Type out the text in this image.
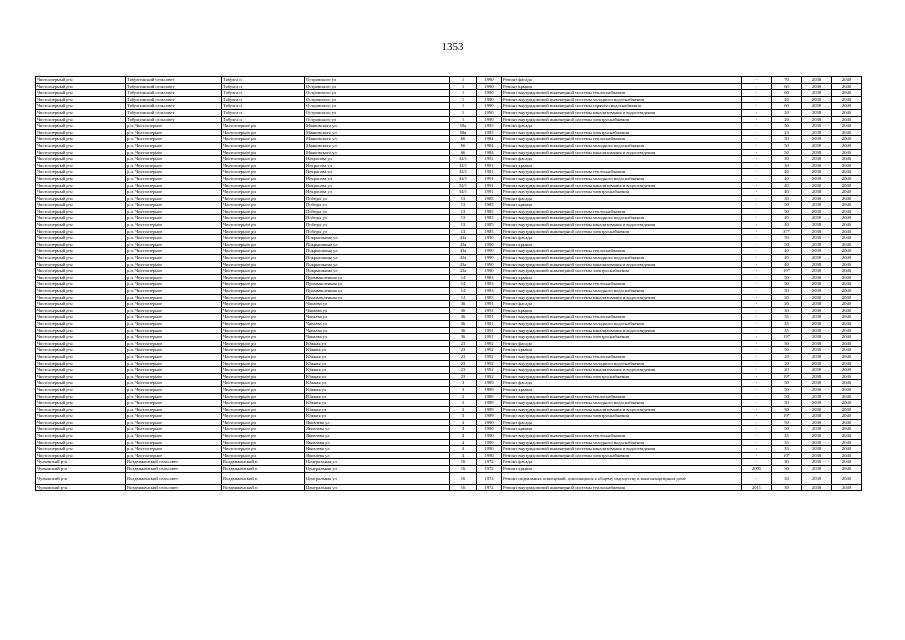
1353
Чистоозерный р-н	Табулгинский сельсовет	Табулга п	Островского ул	1	1990	Ремонт фасада	-	70	2038	2040
Чистоозерный р-н	Табулгинский сельсовет	Табулга п	Островского ул	1	1990	Ремонт крыши	-	60	2038	2040
Чистоозерный р-н	Табулгинский сельсовет	Табулга п	Островского ул	1	1990	Ремонт внутридомовой инженерной системы теплоснабжения	-	60	2038	2040
Чистоозерный р-н	Табулгинский сельсовет	Табулга п	Островского ул	1	1990	Ремонт внутридомовой инженерной системы холодного водоснабжения	-	40	2038	2040
Чистоозерный р-н	Табулгинский сельсовет	Табулга п	Островского ул	1	1990	Ремонт внутридомовой инженерной системы горячего водоснабжения	-	60	2038	2040
Чистоозерный р-н	Табулгинский сельсовет	Табулга п	Островского ул	1	1990	Ремонт внутридомовой инженерной системы канализования и водоотведения	-	20	2038	2040
Чистоозерный р-н	Табулгинский сельсовет	Табулга п	Островского ул	1	1990	Ремонт внутридомовой инженерной системы электроснабжения	-	20	2038	2040
Чистоозерный р-н	р.п. Чистоозерное	Чистоозерное рп	Маяковского ул	58а	1995	Ремонт фасада	-	50	2038	2040
Чистоозерный р-н	р.п. Чистоозерное	Чистоозерное рп	Маяковского ул	58а	1995	Ремонт внутридомовой инженерной системы электроснабжения	-	23	2038	2040
Чистоозерный р-н	р.п. Чистоозерное	Чистоозерное рп	Маяковского ул	66	1984	Ремонт внутридомовой инженерной системы теплоснабжения	-	50	2038	2040
Чистоозерный р-н	р.п. Чистоозерное	Чистоозерное рп	Маяковского ул	66	1984	Ремонт внутридомовой инженерной системы холодного водоснабжения	-	50	2038	2040
Чистоозерный р-н	р.п. Чистоозерное	Чистоозерное рп	Маяковского ул	66	1984	Ремонт внутридомовой инженерной системы канализования и водоотведения	-	50	2038	2040
Чистоозерный р-н	р.п. Чистоозерное	Чистоозерное рп	Некрасова ул	34/1	1991	Ремонт фасада	-	30	2038	2040
Чистоозерный р-н	р.п. Чистоозерное	Чистоозерное рп	Некрасова ул	34/1	1991	Ремонт крыши	-	30	2038	2040
Чистоозерный р-н	р.п. Чистоозерное	Чистоозерное рп	Некрасова ул	34/1	1991	Ремонт внутридомовой инженерной системы теплоснабжения	-	40	2038	2040
Чистоозерный р-н	р.п. Чистоозерное	Чистоозерное рп	Некрасова ул	34/1	1991	Ремонт внутридомовой инженерной системы холодного водоснабжения	-	40	2038	2040
Чистоозерный р-н	р.п. Чистоозерное	Чистоозерное рп	Некрасова ул	34/1	1991	Ремонт внутридомовой инженерной системы канализования и водоотведения	-	40	2038	2040
Чистоозерный р-н	р.п. Чистоозерное	Чистоозерное рп	Некрасова ул	34/1	1991	Ремонт внутридомовой инженерной системы электроснабжения	-	40	2038	2040
Чистоозерный р-н	р.п. Чистоозерное	Чистоозерное рп	Победы ул	13	1985	Ремонт фасада	-	30	2038	2040
Чистоозерный р-н	р.п. Чистоозерное	Чистоозерное рп	Победы ул	13	1985	Ремонт крыши	-	50	2038	2040
Чистоозерный р-н	р.п. Чистоозерное	Чистоозерное рп	Победы ул	13	1985	Ремонт внутридомовой инженерной системы теплоснабжения	-	50	2038	2040
Чистоозерный р-н	р.п. Чистоозерное	Чистоозерное рп	Победы ул	13	1985	Ремонт внутридомовой инженерной системы холодного водоснабжения	-	40	2038	2040
Чистоозерный р-н	р.п. Чистоозерное	Чистоозерное рп	Победы ул	13	1985	Ремонт внутридомовой инженерной системы канализования и водоотведения	-	40	2038	2040
Чистоозерный р-н	р.п. Чистоозерное	Чистоозерное рп	Победы ул	13	1985	Ремонт внутридомовой инженерной системы электроснабжения	-	37*	2038	2040
Чистоозерный р-н	р.п. Чистоозерное	Чистоозерное рп	Покрышкина ул	43а	1990	Ремонт фасада	-	50	2038	2040
Чистоозерный р-н	р.п. Чистоозерное	Чистоозерное рп	Покрышкина ул	43а	1990	Ремонт крыши	-	50	2038	2040
Чистоозерный р-н	р.п. Чистоозерное	Чистоозерное рп	Покрышкина ул	43а	1990	Ремонт внутридомовой инженерной системы теплоснабжения	-	40	2038	2040
Чистоозерный р-н	р.п. Чистоозерное	Чистоозерное рп	Покрышкина ул	43а	1990	Ремонт внутридомовой инженерной системы холодного водоснабжения	-	40	2038	2040
Чистоозерный р-н	р.п. Чистоозерное	Чистоозерное рп	Покрышкина ул	43а	1990	Ремонт внутридомовой инженерной системы канализования и водоотведения	-	40	2038	2040
Чистоозерный р-н	р.п. Чистоозерное	Чистоозерное рп	Покрышкина ул	43а	1990	Ремонт внутридомовой инженерной системы электроснабжения	-	19*	2038	2040
Чистоозерный р-н	р.п. Чистоозерное	Чистоозерное рп	Промышленная ул	14	1983	Ремонт крыши	-	50	2038	2040
Чистоозерный р-н	р.п. Чистоозерное	Чистоозерное рп	Промышленная ул	14	1983	Ремонт внутридомовой инженерной системы теплоснабжения	-	50	2038	2040
Чистоозерный р-н	р.п. Чистоозерное	Чистоозерное рп	Промышленная ул	14	1983	Ремонт внутридомовой инженерной системы холодного водоснабжения	-	50	2038	2040
Чистоозерный р-н	р.п. Чистоозерное	Чистоозерное рп	Промышленная ул	14	1983	Ремонт внутридомовой инженерной системы канализования и водоотведения	-	20	2038	2040
Чистоозерный р-н	р.п. Чистоозерное	Чистоозерное рп	Чапаева ул	36	1991	Ремонт фасада	-	20	2038	2040
Чистоозерный р-н	р.п. Чистоозерное	Чистоозерное рп	Чапаева ул	36	1991	Ремонт крыши	-	30	2038	2040
Чистоозерный р-н	р.п. Чистоозерное	Чистоозерное рп	Чапаева ул	36	1991	Ремонт внутридомовой инженерной системы теплоснабжения	-	35	2038	2040
Чистоозерный р-н	р.п. Чистоозерное	Чистоозерное рп	Чапаева ул	36	1991	Ремонт внутридомовой инженерной системы холодного водоснабжения	-	35	2038	2040
Чистоозерный р-н	р.п. Чистоозерное	Чистоозерное рп	Чапаева ул	36	1991	Ремонт внутридомовой инженерной системы канализования и водоотведения	-	35	2038	2040
Чистоозерный р-н	р.п. Чистоозерное	Чистоозерное рп	Чапаева ул	36	1991	Ремонт внутридомовой инженерной системы электроснабжения	-	19*	2038	2040
Чистоозерный р-н	р.п. Чистоозерное	Чистоозерное рп	Южная ул	23	1992	Ремонт фасада	-	50	2038	2040
Чистоозерный р-н	р.п. Чистоозерное	Чистоозерное рп	Южная ул	23	1992	Ремонт крыши	-	50	2038	2040
Чистоозерный р-н	р.п. Чистоозерное	Чистоозерное рп	Южная ул	23	1992	Ремонт внутридомовой инженерной системы теплоснабжения	-	20	2038	2040
Чистоозерный р-н	р.п. Чистоозерное	Чистоозерное рп	Южная ул	23	1992	Ремонт внутридомовой инженерной системы холодного водоснабжения	-	20	2038	2040
Чистоозерный р-н	р.п. Чистоозерное	Чистоозерное рп	Южная ул	23	1992	Ремонт внутридомовой инженерной системы канализования и водоотведения	-	20	2038	2040
Чистоозерный р-н	р.п. Чистоозерное	Чистоозерное рп	Южная ул	23	1992	Ремонт внутридомовой инженерной системы электроснабжения	-	19*	2038	2040
Чистоозерный р-н	р.п. Чистоозерное	Чистоозерное рп	Южная ул	3	1989	Ремонт фасада	-	50	2038	2040
Чистоозерный р-н	р.п. Чистоозерное	Чистоозерное рп	Южная ул	3	1989	Ремонт крыши	-	50	2038	2040
Чистоозерный р-н	р.п. Чистоозерное	Чистоозерное рп	Южная ул	3	1989	Ремонт внутридомовой инженерной системы теплоснабжения	-	50	2038	2040
Чистоозерный р-н	р.п. Чистоозерное	Чистоозерное рп	Южная ул	3	1989	Ремонт внутридомовой инженерной системы холодного водоснабжения	-	50	2038	2040
Чистоозерный р-н	р.п. Чистоозерное	Чистоозерное рп	Южная ул	3	1989	Ремонт внутридомовой инженерной системы канализования и водоотведения	-	50	2038	2040
Чистоозерный р-н	р.п. Чистоозерное	Чистоозерное рп	Южная ул	3	1989	Ремонт внутридомовой инженерной системы электроснабжения	-	19*	2038	2040
Чистоозерный р-н	р.п. Чистоозерное	Чистоозерное рп	Яковлева ул	4	1990	Ремонт фасада	-	50	2038	2040
Чистоозерный р-н	р.п. Чистоозерное	Чистоозерное рп	Яковлева ул	4	1990	Ремонт крыши	-	50	2038	2040
Чистоозерный р-н	р.п. Чистоозерное	Чистоозерное рп	Яковлева ул	4	1990	Ремонт внутридомовой инженерной системы теплоснабжения	-	35	2038	2040
Чистоозерный р-н	р.п. Чистоозерное	Чистоозерное рп	Яковлева ул	4	1990	Ремонт внутридомовой инженерной системы холодного водоснабжения	-	35	2038	2040
Чистоозерный р-н	р.п. Чистоозерное	Чистоозерное рп	Яковлева ул	4	1990	Ремонт внутридомовой инженерной системы канализования и водоотведения	-	35	2038	2040
Чистоозерный р-н	р.п. Чистоозерное	Чистоозерное рп	Яковлева ул	4	1990	Ремонт внутридомовой инженерной системы электроснабжения	-	19*	2038	2040
Чулымский р-н	Воздвиженский сельсовет	Воздвиженский п	Центральная ул	16	1972	Ремонт фасада	-	30	2038	2040
Чулымский р-н	Воздвиженский сельсовет	Воздвиженский п	Центральная ул	16	1972	Ремонт крыши	2005	30	2038	2040
Чулымский р-н	Воздвиженский сельсовет	Воздвиженский п	Центральная ул	16	1972	Ремонт подвальных помещений, относящихся к общему имуществу в многоквартирном доме	-	30	2038	2040
Чулымский р-н	Воздвиженский сельсовет	Воздвиженский п	Центральная ул	16	1972	Ремонт внутридомовой инженерной системы теплоснабжения	2011	30	2038	2040
